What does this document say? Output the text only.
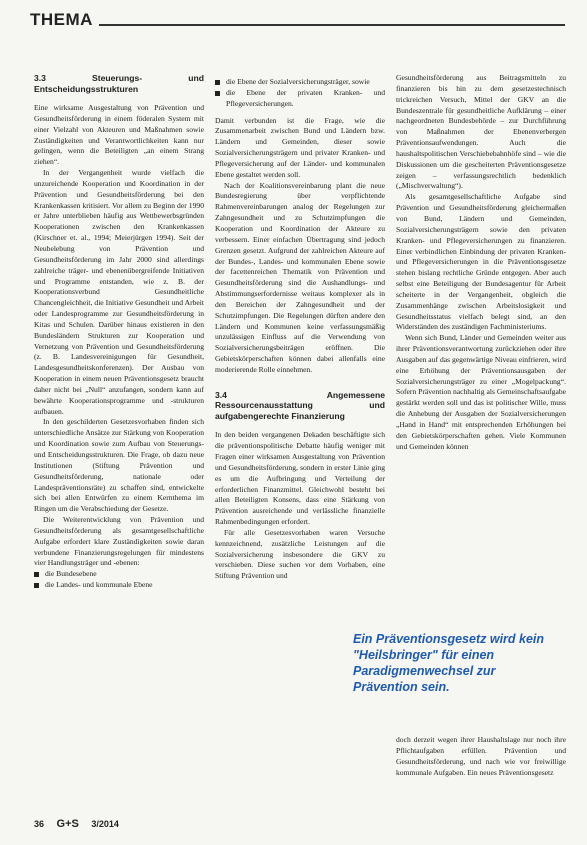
THEMA
3.3 Steuerungs- und Entscheidungsstrukturen

Eine wirksame Ausgestaltung von Prävention und Gesundheitsförderung in einem föderalen System mit einer Vielzahl von Akteuren und Maßnahmen sowie Zuständigkeiten und Verantwortlichkeiten kann nur gelingen, wenn die Beteiligten „an einem Strang ziehen“.

In der Vergangenheit wurde vielfach die unzureichende Kooperation und Koordination in der Prävention und Gesundheitsförderung bei den Krankenkassen kritisiert. Vor allem zu Beginn der 1990 er Jahre unterblieben häufig aus Wettbewerbsgründen Kooperationen zwischen den Krankenkassen (Kirschner et. al., 1994; Meierjürgen 1994). Seit der Neubelebung von Prävention und Gesundheitsförderung im Jahr 2000 sind allerdings zahlreiche träger- und ebenenübergreifende Initiativen und Programme entstanden, wie z. B. der Kooperationsverbund Gesundheitliche Chancengleichheit, die Initiative Gesundheit und Arbeit oder Landesprogramme zur Gesundheitsförderung in Kitas und Schulen. Darüber hinaus existieren in den Bundesländern Strukturen zur Kooperation und Vernetzung von Prävention und Gesundheitsförderung (z. B. Landesvereinigungen für Gesundheit, Landesgesundheitskonferenzen). Der Ausbau von Kooperation in einem neuen Präventionsgesetz braucht daher nicht bei „Null“ anzufangen, sondern kann auf bewährte Kooperationsprogramme und -strukturen aufbauen.

In den geschilderten Gesetzesvorhaben finden sich unterschiedliche Ansätze zur Stärkung von Kooperation und Koordination sowie zum Aufbau von Steuerungs- und Entscheidungsstrukturen. Die Frage, ob dazu neue Institutionen (Stiftung Prävention und Gesundheitsförderung, nationale oder Landespräventionsräte) zu schaffen sind, entwickelte sich bei allen Entwürfen zu einem Kernthema im Ringen um die Verabschiedung der Gesetze.

Die Weiterentwicklung von Prävention und Gesundheitsförderung als gesamtgesellschaftliche Aufgabe erfordert klare Zuständigkeiten sowie daran verbundene Finanzierungsregelungen für mindestens vier Handlungsträger und -ebenen:

die Bundesebene
die Landes- und kommunale Ebene
die Ebene der Sozialversicherungsträger, sowie
die Ebene der privaten Kranken- und Pflegeversicherungen.

Damit verbunden ist die Frage, wie die Zusammenarbeit zwischen Bund und Ländern bzw. Ländern und Gemeinden, dieser sowie Sozialversicherungsträgern und privater Kranken- und Pflegeversicherung auf der Länder- und kommunalen Ebene gestaltet werden soll.

Nach der Koalitionsvereinbarung plant die neue Bundesregierung über verpflichtende Rahmenvereinbarungen analog der Regelungen zur Zahngesundheit und zu Schutzimpfungen die Kooperation und Koordination der Akteure zu verbessern. Einer einfachen Übertragung sind jedoch Grenzen gesetzt. Aufgrund der zahlreichen Akteure auf der Bundes-, Landes- und kommunalen Ebene sowie der facettenreichen Thematik von Prävention und Gesundheitsförderung sind die Aushandlungs- und Abstimmungserfordernisse weitaus komplexer als in den Bereichen der Zahngesundheit und der Schutzimpfungen. Die Regelungen dürften andere den Ländern und Kommunen keine verfassungsmäßig unzulässigen Einfluss auf die Verwendung von Sozialversicherungsbeiträgen eröffnen. Die Gebietskörperschaften können dabei allenfalls eine moderierende Rolle einnehmen.

3.4 Angemessene Ressourcenausstattung und aufgabengerechte Finanzierung

In den beiden vergangenen Dekaden beschäftigte sich die präventionspolitische Debatte häufig weniger mit Fragen einer wirksamen Ausgestaltung von Prävention und Gesundheitsförderung, sondern in erster Linie ging es um die Aufbringung und Verteilung der erforderlichen Finanzmittel. Gleichwohl besteht bei allen Beteiligten Konsens, dass eine Stärkung von Prävention ausreichende und verlässliche finanzielle Rahmenbedingungen erfordert.

Für alle Gesetzesvorhaben waren Versuche kennzeichnend, zusätzliche Leistungen auf die Sozialversicherung insbesondere die GKV zu verschieben. Diese suchen vor dem Vorhaben, eine Stiftung Prävention und

Gesundheitsförderung aus Beitragsmitteln zu finanzieren bis hin zu dem gesetzestechnisch trickreichen Versuch, Mittel der GKV an die Bundeszentrale für gesundheitliche Aufklärung – einer nachgeordneten Bundesbehörde – zur Durchführung von Maßnahmen der Ebenenverbergen Präventionsaufwendungen. Auch die haushaltspolitischen Verschiebebahnhöfe sind – wie die Diskussionen um die gescheiterten Präventionsgesetze zeigen – verfassungsrechtlich bedenklich („Mischverwaltung“).

Als gesamtgesellschaftliche Aufgabe sind Prävention und Gesundheitsförderung gleichermaßen von Bund, Ländern und Gemeinden, Sozialversicherungsträgern sowie den privaten Kranken- und Pflegeversicherungen zu finanzieren. Einer verbindlichen Einbindung der privaten Kranken- und Pflegeversicherungen in die Präventionsgesetze stehen bislang rechtliche Gründe entgegen. Aber auch selbst eine Beteiligung der Bundesagentur für Arbeit scheiterte in der Vergangenheit, obgleich die Zusammenhänge zwischen Arbeitslosigkeit und Gesundheitsstatus vielfach belegt sind, an den Widerständen des zuständigen Fachministeriums.

Wenn sich Bund, Länder und Gemeinden weiter aus ihrer Präventionsverantwortung zurückziehen oder ihre Ausgaben auf das gegenwärtige Niveau einfrieren, wird eine Erhöhung der Präventionsausgaben der Sozialversicherungsträger zu einer „Mogelpackung“. Sofern Prävention nachhaltig als Gemeinschaftsaufgabe gestärkt werden soll und das ist politischer Wille, muss die Anhebung der Ausgaben der Sozialversicherungen „Hand in Hand“ mit entsprechenden Erhöhungen bei den Gebietskörperschaften gehen. Viele Kommunen und Gemeinden können

Ein Präventionsgesetz wird kein "Heilsbringer" für einen Paradigmenwechsel zur Prävention sein.

doch derzeit wegen ihrer Haushaltslage nur noch ihre Pflichtaufgaben erfüllen. Prävention und Gesundheitsförderung, und nach wie vor freiwillige kommunale Aufgaben. Ein neues Präventionsgesetz

36 G+S 3/2014
